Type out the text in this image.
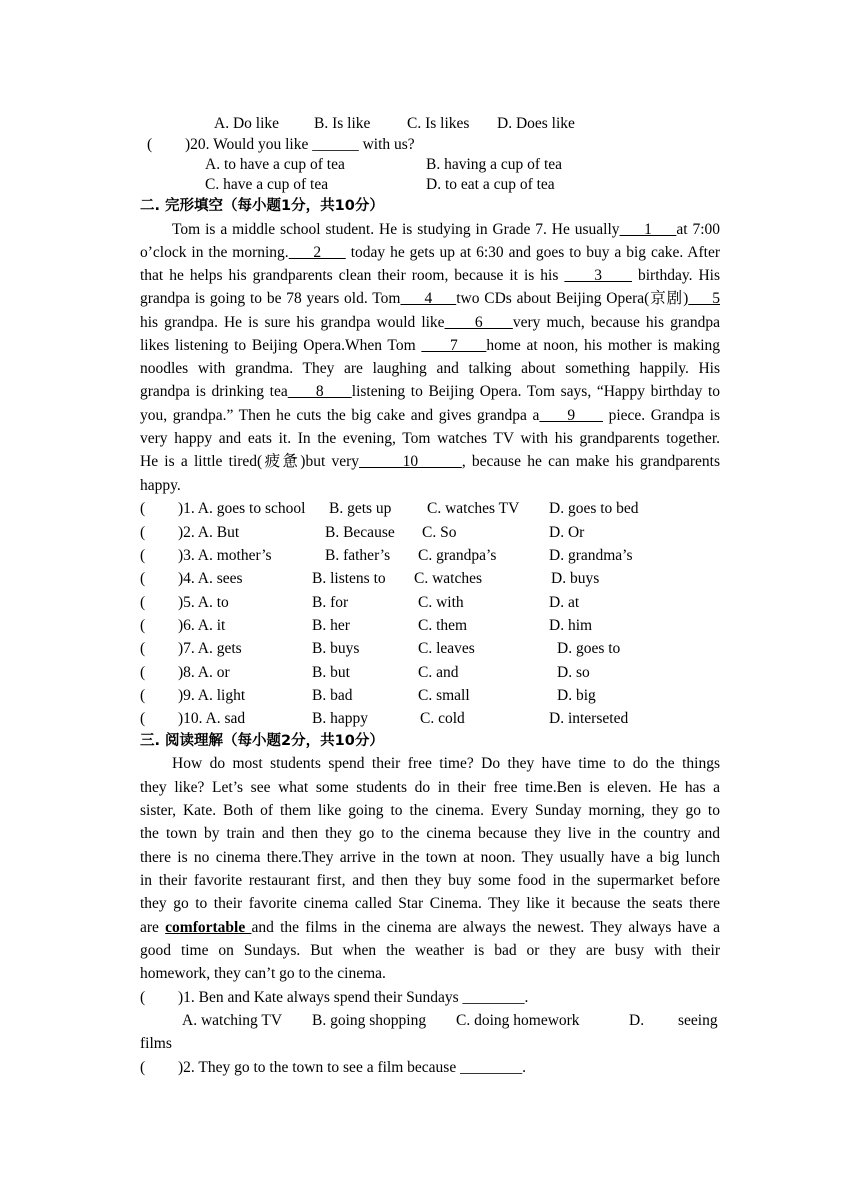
A. Do like B. Is like C. Is likes D. Does like
( )20. Would you like ______ with us?
A. to have a cup of tea	B. having a cup of tea
C. have a cup of tea	D. to eat a cup of tea
二. 完形填空（每小题1分，共10分）
Tom is a middle school student. He is studying in Grade 7. He usually     1     at 7:00
o’clock in the morning.     2      today he gets up at 6:30 and goes to buy a big cake. After
that he helps his grandparents clean their room, because it is his      3      birthday. His
grandpa is going to be 78 years old. Tom     4     two CDs about Beijing Opera(京剧)     5
his grandpa. He is sure his grandpa would like     6     very much, because his grandpa
likes listening to Beijing Opera.When Tom      7     home at noon, his mother is making
noodles with grandma. They are laughing and talking about something happily. His
grandpa is drinking tea     8     listening to Beijing Opera. Tom says, “Happy birthday to
you, grandpa.” Then he cuts the big cake and gives grandpa a     9      piece. Grandpa is
very happy and eats it. In the evening, Tom watches TV with his grandparents together.
He is a little tired(疲惫)but very       10       , because he can make his grandparents
happy.
( )1. A. goes to school B. gets up C. watches TV D. goes to bed
( )2. A. But	B. Because C. So	D. Or
( )3. A. mother’s	B. father’s C. grandpa’s	D. grandma’s
( )4. A. sees	B. listens to C. watches	D. buys
( )5. A. to	B. for	C. with	D. at
( )6. A. it	B. her	C. them	D. him
( )7. A. gets	B. buys	C. leaves	D. goes to
( )8. A. or	B. but	C. and	D. so
( )9. A. light	B. bad	C. small	D. big
( )10. A. sad	B. happy	C. cold	D. interseted
三. 阅读理解（每小题2分，共10分）
How do most students spend their free time? Do they have time to do the things
they like? Let’s see what some students do in their free time.Ben is eleven. He has a
sister, Kate. Both of them like going to the cinema. Every Sunday morning, they go to
the town by train and then they go to the cinema because they live in the country and
there is no cinema there.They arrive in the town at noon. They usually have a big lunch
in their favorite restaurant first, and then they buy some food in the supermarket before
they go to their favorite cinema called Star Cinema. They like it because the seats there
are comfortable and the films in the cinema are always the newest. They always have a
good time on Sundays. But when the weather is bad or they are busy with their
homework, they can’t go to the cinema.
( )1. Ben and Kate always spend their Sundays ________.
A. watching TV B. going shopping C. doing homework	D. seeing
films
( )2. They go to the town to see a film because ________.
